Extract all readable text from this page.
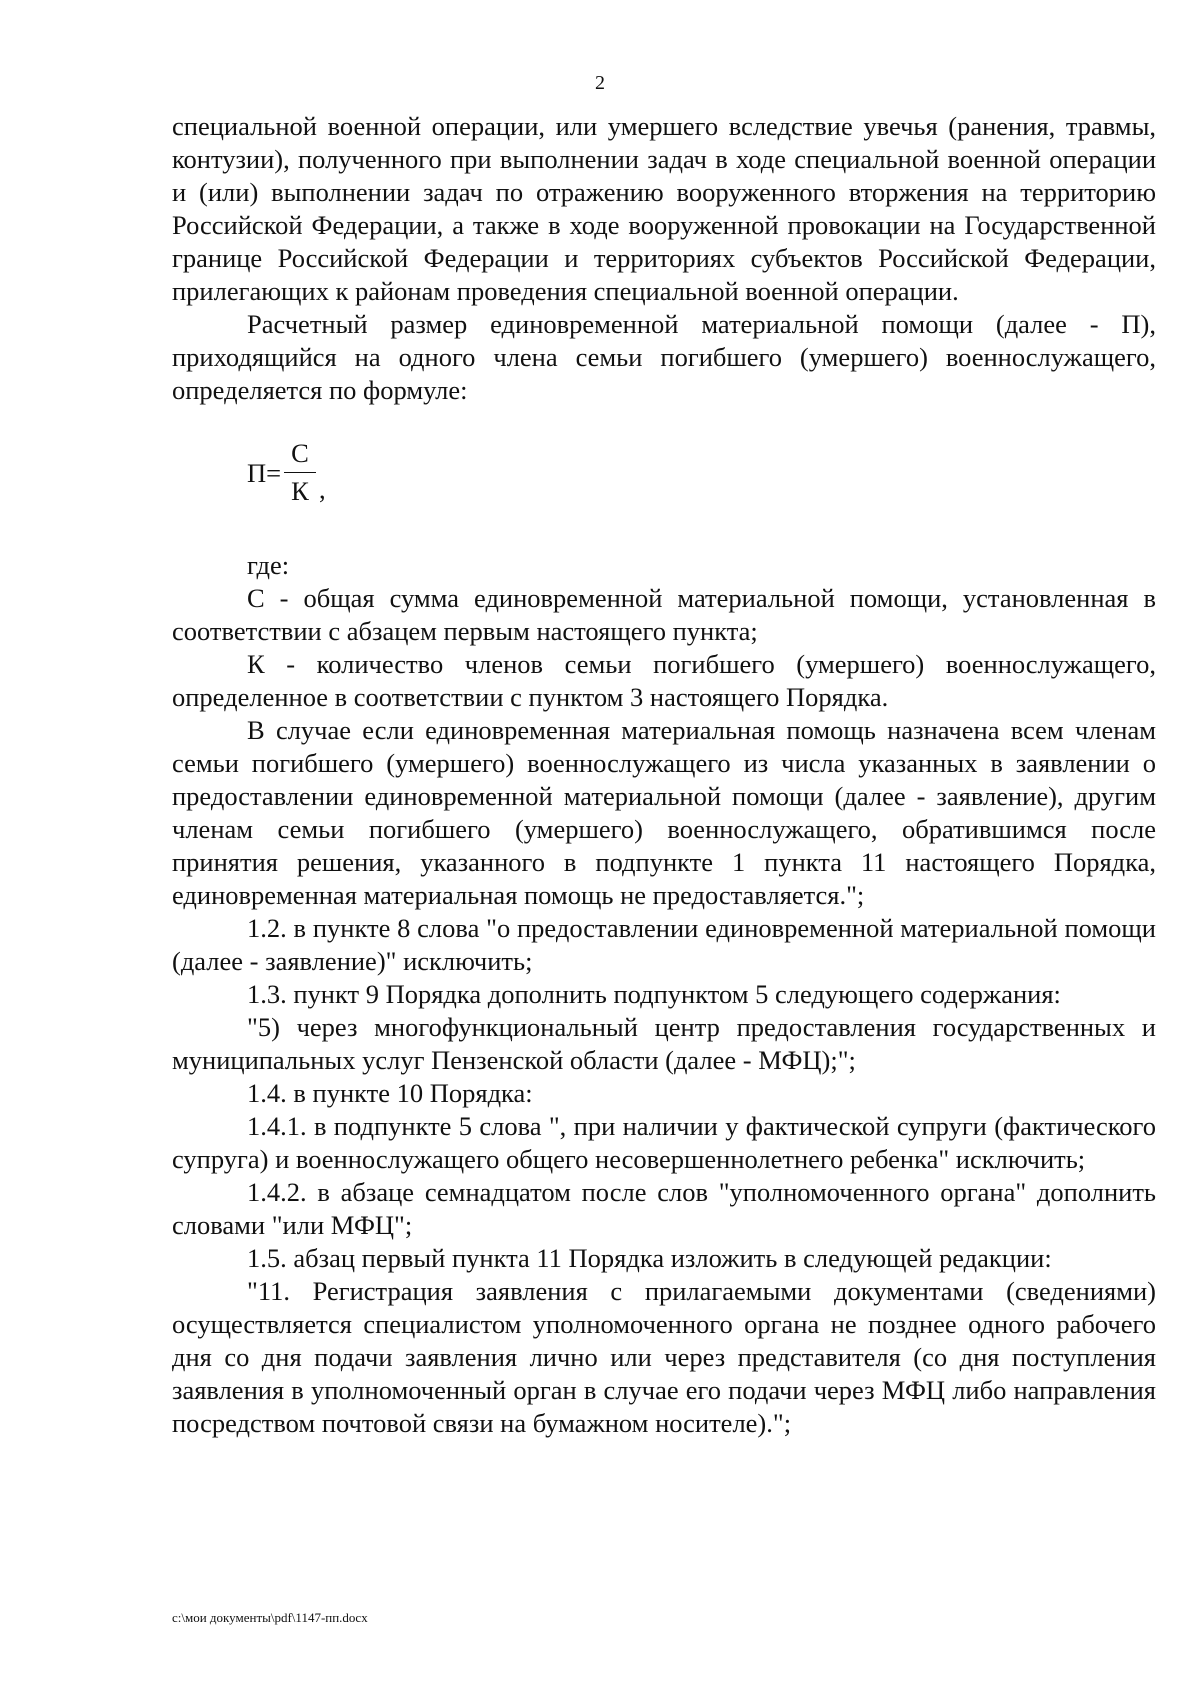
2

специальной военной операции, или умершего вследствие увечья (ранения, травмы, контузии), полученного при выполнении задач в ходе специальной военной операции и (или) выполнении задач по отражению вооруженного вторжения на территорию Российской Федерации, а также в ходе вооруженной провокации на Государственной границе Российской Федерации и территориях субъектов Российской Федерации, прилегающих к районам проведения специальной военной операции.

Расчетный размер единовременной материальной помощи (далее - П), приходящийся на одного члена семьи погибшего (умершего) военнослужащего, определяется по формуле:

П=
С
К ,

где:

С - общая сумма единовременной материальной помощи, установленная в соответствии с абзацем первым настоящего пункта;

К - количество членов семьи погибшего (умершего) военнослужащего, определенное в соответствии с пунктом 3 настоящего Порядка.

В случае если единовременная материальная помощь назначена всем членам семьи погибшего (умершего) военнослужащего из числа указанных в заявлении о предоставлении единовременной материальной помощи (далее - заявление), другим членам семьи погибшего (умершего) военнослужащего, обратившимся после принятия решения, указанного в подпункте 1 пункта 11 настоящего Порядка, единовременная материальная помощь не предоставляется.";

1.2. в пункте 8 слова "о предоставлении единовременной материальной помощи (далее - заявление)" исключить;

1.3. пункт 9 Порядка дополнить подпунктом 5 следующего содержания:

"5) через многофункциональный центр предоставления государственных и муниципальных услуг Пензенской области (далее - МФЦ);";

1.4. в пункте 10 Порядка:

1.4.1. в подпункте 5 слова ", при наличии у фактической супруги (фактического супруга) и военнослужащего общего несовершеннолетнего ребенка" исключить;

1.4.2. в абзаце семнадцатом после слов "уполномоченного органа" дополнить словами "или МФЦ";

1.5. абзац первый пункта 11 Порядка изложить в следующей редакции:

"11. Регистрация заявления с прилагаемыми документами (сведениями) осуществляется специалистом уполномоченного органа не позднее одного рабочего дня со дня подачи заявления лично или через представителя (со дня поступления заявления в уполномоченный орган в случае его подачи через МФЦ либо направления посредством почтовой связи на бумажном носителе).";

c:\мои документы\pdf\1147-пп.docx
